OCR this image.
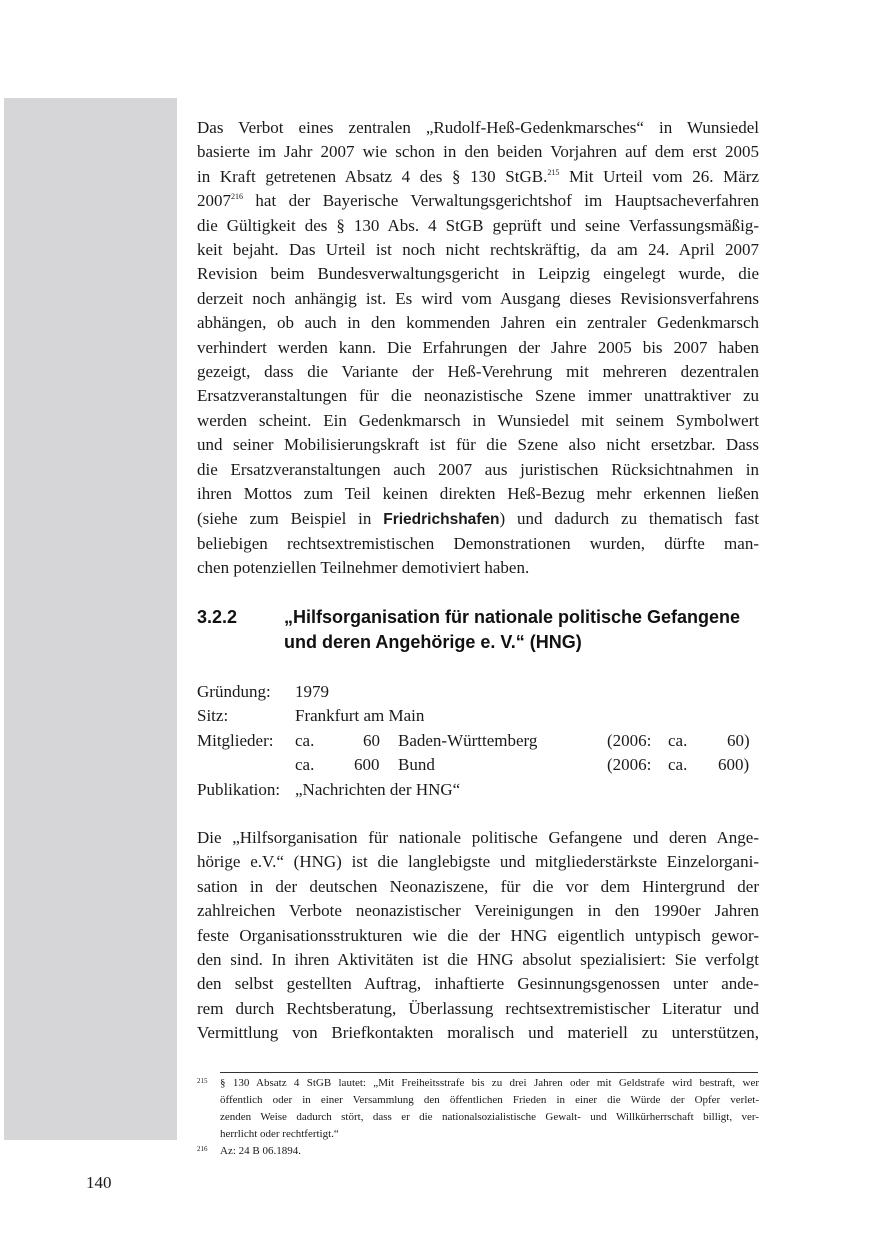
Das Verbot eines zentralen „Rudolf-Heß-Gedenkmarsches“ in Wunsiedel
basierte im Jahr 2007 wie schon in den beiden Vorjahren auf dem erst 2005
in Kraft getretenen Absatz 4 des § 130 StGB.$^{215}$ Mit Urteil vom 26. März
2007$^{216}$ hat der Bayerische Verwaltungsgerichtshof im Hauptsacheverfahren
die Gültigkeit des § 130 Abs. 4 StGB geprüft und seine Verfassungsmäßig-
keit bejaht. Das Urteil ist noch nicht rechtskräftig, da am 24. April 2007
Revision beim Bundesverwaltungsgericht in Leipzig eingelegt wurde, die
derzeit noch anhängig ist. Es wird vom Ausgang dieses Revisionsverfahrens
abhängen, ob auch in den kommenden Jahren ein zentraler Gedenkmarsch
verhindert werden kann. Die Erfahrungen der Jahre 2005 bis 2007 haben
gezeigt, dass die Variante der Heß-Verehrung mit mehreren dezentralen
Ersatzveranstaltungen für die neonazistische Szene immer unattraktiver zu
werden scheint. Ein Gedenkmarsch in Wunsiedel mit seinem Symbolwert
und seiner Mobilisierungskraft ist für die Szene also nicht ersetzbar. Dass
die Ersatzveranstaltungen auch 2007 aus juristischen Rücksichtnahmen in
ihren Mottos zum Teil keinen direkten Heß-Bezug mehr erkennen ließen
(siehe zum Beispiel in Friedrichshafen) und dadurch zu thematisch fast
beliebigen rechtsextremistischen Demonstrationen wurden, dürfte man-
chen potenziellen Teilnehmer demotiviert haben.
3.2.2	„Hilfsorganisation für nationale politische Gefangene und deren Angehörige e. V.“ (HNG)
Gründung: 1979
Sitz:	Frankfurt am Main
Mitglieder: ca.	60 Baden-Württemberg	(2006: ca. 60)
ca. 600 Bund	(2006: ca. 600)
Publikation: „Nachrichten der HNG“
Die „Hilfsorganisation für nationale politische Gefangene und deren Ange-
hörige e.V.“ (HNG) ist die langlebigste und mitgliederstärkste Einzelorgani-
sation in der deutschen Neonaziszene, für die vor dem Hintergrund der
zahlreichen Verbote neonazistischer Vereinigungen in den 1990er Jahren
feste Organisationsstrukturen wie die der HNG eigentlich untypisch gewor-
den sind. In ihren Aktivitäten ist die HNG absolut spezialisiert: Sie verfolgt
den selbst gestellten Auftrag, inhaftierte Gesinnungsgenossen unter ande-
rem durch Rechtsberatung, Überlassung rechtsextremistischer Literatur und
Vermittlung von Briefkontakten moralisch und materiell zu unterstützen,
215 § 130 Absatz 4 StGB lautet: „Mit Freiheitsstrafe bis zu drei Jahren oder mit Geldstrafe wird bestraft, wer
öffentlich oder in einer Versammlung den öffentlichen Frieden in einer die Würde der Opfer verlet-
zenden Weise dadurch stört, dass er die nationalsozialistische Gewalt- und Willkürherrschaft billigt, ver-
herrlicht oder rechtfertigt.“
216 Az: 24 B 06.1894.
140
